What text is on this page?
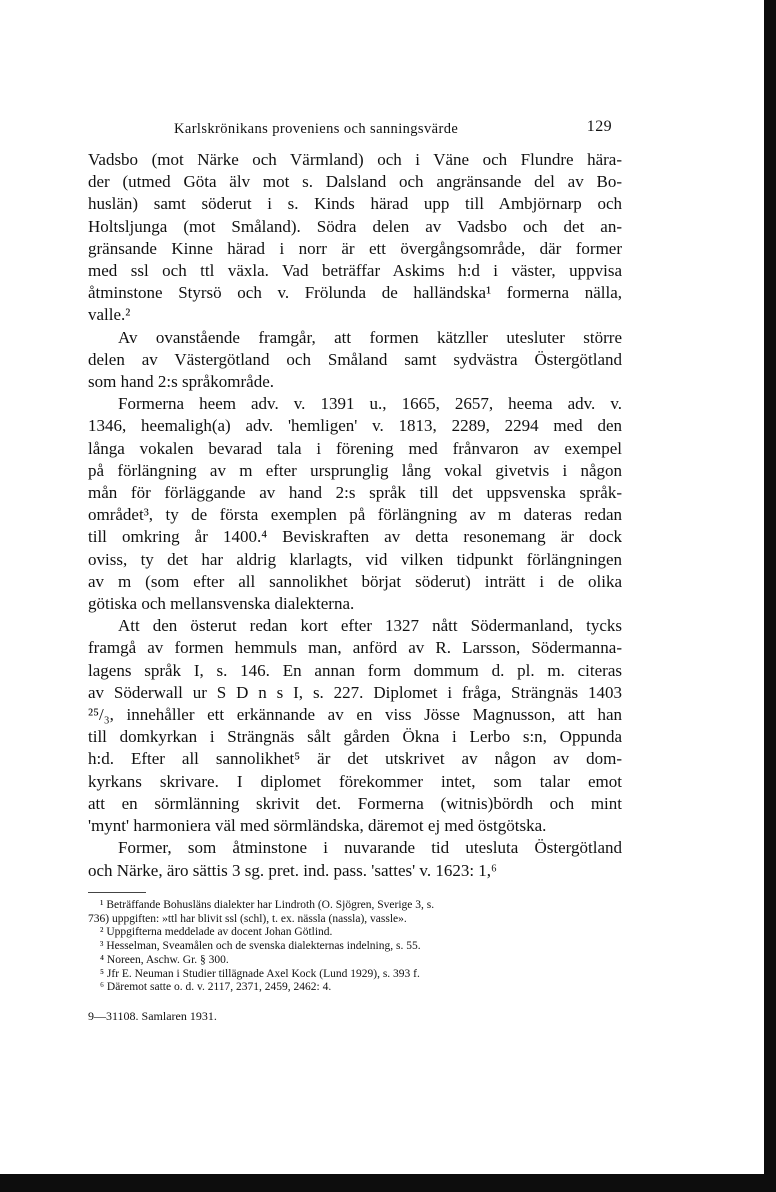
Karlskrönikans proveniens och sanningsvärde	129

Vadsbo (mot Närke och Värmland) och i Väne och Flundre härа-
der (utmed Göta älv mot s. Dalsland och angränsande del av Bo-
huslän) samt söderut i s. Kinds härad upp till Ambjörnarp och
Holtsljunga (mot Småland). Södra delen av Vadsbo och det an-
gränsande Kinne härad i norr är ett övergångsområde, där former
med ssl och ttl växla. Vad beträffar Askims h:d i väster, uppvisa
åtminstone Styrsö och v. Frölunda de halländska¹ formerna nälla,
valle.²

Av ovanstående framgår, att formen kätzller utesluter större
delen av Västergötland och Småland samt sydvästra Östergötland
som hand 2:s språkområde.

Formerna heem adv. v. 1391 u., 1665, 2657, heema adv. v.
1346, heemaligh(a) adv. 'hemligen' v. 1813, 2289, 2294 med den
långa vokalen bevarad tala i förening med frånvaron av exempel
på förlängning av m efter ursprunglig lång vokal givetvis i någon
mån för förläggande av hand 2:s språk till det uppsvenska språk-
området³, ty de första exemplen på förlängning av m dateras redan
till omkring år 1400.⁴ Beviskraften av detta resonemang är dock
oviss, ty det har aldrig klarlagts, vid vilken tidpunkt förlängningen
av m (som efter all sannolikhet börjat söderut) inträtt i de olika
götiska och mellansvenska dialekterna.

Att den österut redan kort efter 1327 nått Södermanland, tycks
framgå av formen hemmuls man, anförd av R. Larsson, Södermanna-
lagens språk I, s. 146. En annan form dommum d. pl. m. citeras
av Söderwall ur S D n s I, s. 227. Diplomet i fråga, Strängnäs 1403
²⁵/₃, innehåller ett erkännande av en viss Jösse Magnusson, att han
till domkyrkan i Strängnäs sålt gården Ökna i Lerbo s:n, Oppunda
h:d. Efter all sannolikhet⁵ är det utskrivet av någon av dom-
kyrkans skrivare. I diplomet förekommer intet, som talar emot
att en sörmlänning skrivit det. Formerna (witnis)bördh och mint
'mynt' harmoniera väl med sörmländska, däremot ej med östgötska.

Former, som åtminstone i nuvarande tid utesluta Östergötland
och Närke, äro sättis 3 sg. pret. ind. pass. 'sattes' v. 1623: 1,⁶

¹ Beträffande Bohusläns dialekter har Lindroth (O. Sjögren, Sverige 3, s.
736) uppgiften: »ttl har blivit ssl (schl), t. ex. nässla (nassla), vassle».
² Uppgifterna meddelade av docent Johan Götlind.
³ Hesselman, Sveamålen och de svenska dialekternas indelning, s. 55.
⁴ Noreen, Aschw. Gr. § 300.
⁵ Jfr E. Neuman i Studier tillägnade Axel Kock (Lund 1929), s. 393 f.
⁶ Däremot satte o. d. v. 2117, 2371, 2459, 2462: 4.
9—31108. Samlaren 1931.
